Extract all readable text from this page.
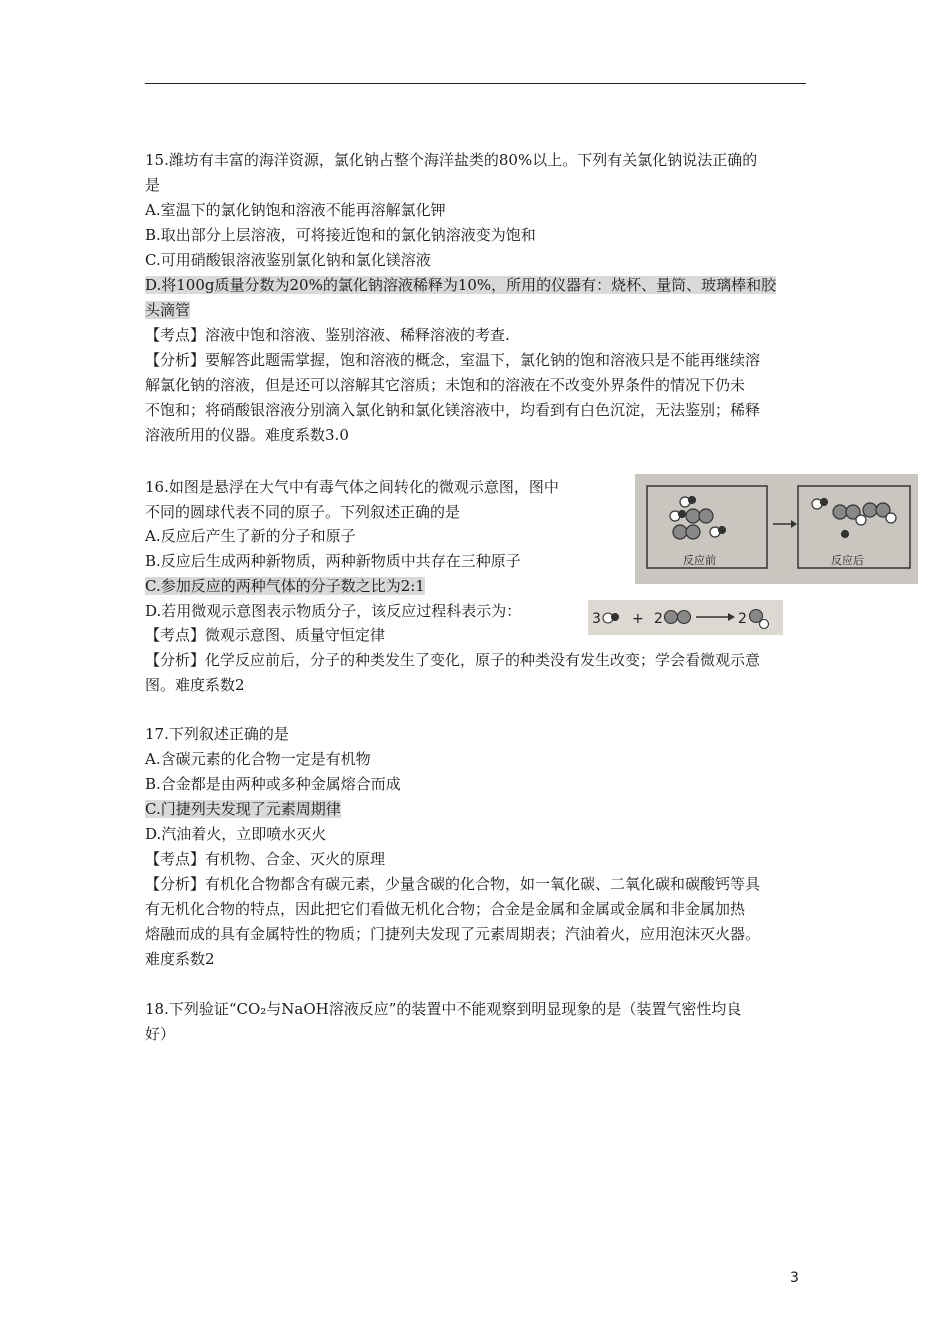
15.潍坊有丰富的海洋资源，氯化钠占整个海洋盐类的80%以上。下列有关氯化钠说法正确的
是
A.室温下的氯化钠饱和溶液不能再溶解氯化钾
B.取出部分上层溶液，可将接近饱和的氯化钠溶液变为饱和
C.可用硝酸银溶液鉴别氯化钠和氯化镁溶液
D.将100g质量分数为20%的氯化钠溶液稀释为10%，所用的仪器有：烧杯、量筒、玻璃棒和胶
头滴管
【考点】溶液中饱和溶液、鉴别溶液、稀释溶液的考查.
【分析】要解答此题需掌握，饱和溶液的概念，室温下，氯化钠的饱和溶液只是不能再继续溶
解氯化钠的溶液，但是还可以溶解其它溶质；未饱和的溶液在不改变外界条件的情况下仍未
不饱和；将硝酸银溶液分别滴入氯化钠和氯化镁溶液中，均看到有白色沉淀，无法鉴别；稀释
溶液所用的仪器。难度系数3.0
16.如图是悬浮在大气中有毒气体之间转化的微观示意图，图中
不同的圆球代表不同的原子。下列叙述正确的是
A.反应后产生了新的分子和原子
B.反应后生成两种新物质，两种新物质中共存在三种原子
C.参加反应的两种气体的分子数之比为2:1
D.若用微观示意图表示物质分子，该反应过程科表示为：
【考点】微观示意图、质量守恒定律
【分析】化学反应前后，分子的种类发生了变化，原子的种类没有发生改变；学会看微观示意
图。难度系数2
反应前	反应后
3 + 2	2
17.下列叙述正确的是
A.含碳元素的化合物一定是有机物
B.合金都是由两种或多种金属熔合而成
C.门捷列夫发现了元素周期律
D.汽油着火，立即喷水灭火
【考点】有机物、合金、灭火的原理
【分析】有机化合物都含有碳元素，少量含碳的化合物，如一氧化碳、二氧化碳和碳酸钙等具
有无机化合物的特点，因此把它们看做无机化合物；合金是金属和金属或金属和非金属加热
熔融而成的具有金属特性的物质；门捷列夫发现了元素周期表；汽油着火，应用泡沫灭火器。
难度系数2
18.下列验证“CO₂与NaOH溶液反应”的装置中不能观察到明显现象的是（装置气密性均良
好）
3
